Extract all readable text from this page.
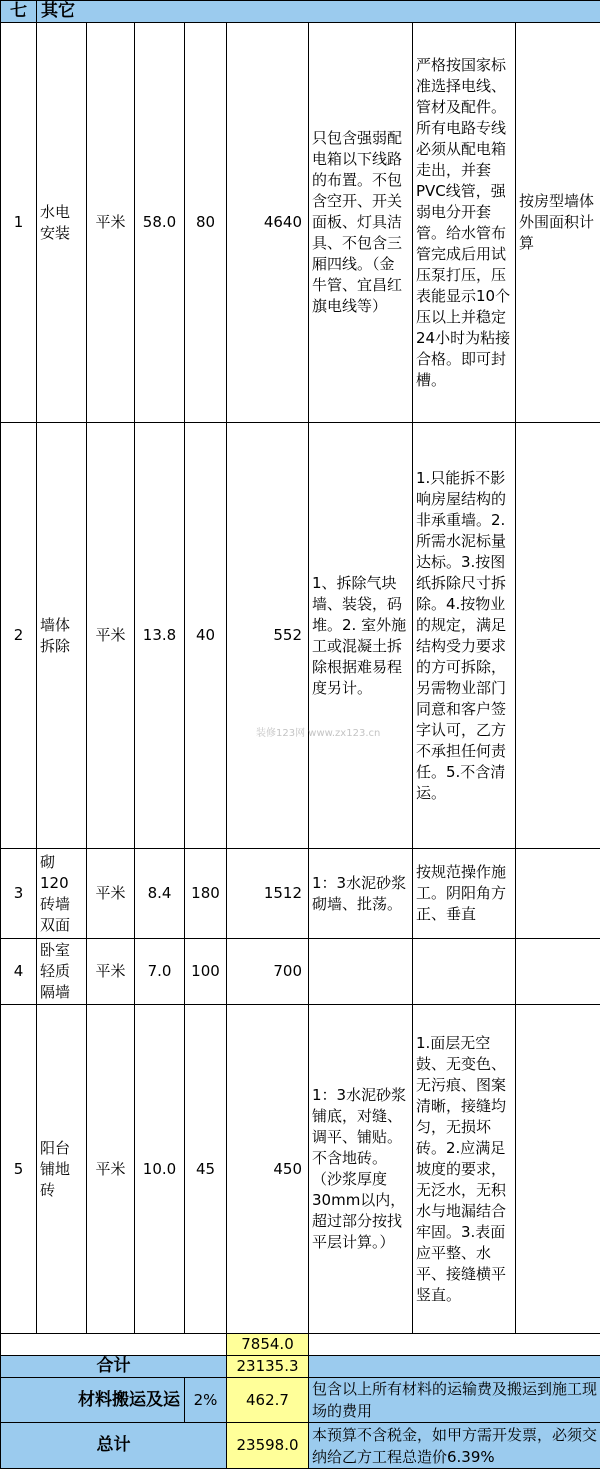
七	其它							
1	水电安装	平米	58.0	80	4640	只包含强弱配电箱以下线路的布置。不包含空开、开关面板、灯具洁具、不包含三厢四线。（金牛管、宜昌红旗电线等）	严格按国家标准选择电线、管材及配件。所有电路专线必须从配电箱走出，并套PVC线管，强弱电分开套管。给水管布管完成后用试压泵打压，压表能显示10个压以上并稳定24小时为粘接合格。即可封槽。	按房型墙体外围面积计算
2	墙体拆除	平米	13.8	40	552	1、拆除气块墙、装袋，码堆。2. 室外施工或混凝土拆除根据难易程度另计。	1.只能拆不影响房屋结构的非承重墙。2.所需水泥标量达标。3.按图纸拆除尺寸拆除。4.按物业的规定，满足结构受力要求的方可拆除，另需物业部门同意和客户签字认可，乙方不承担任何责任。5.不含清运。	
3	砌120砖墙双面	平米	8.4	180	1512	1：3水泥砂浆砌墙、批荡。	按规范操作施工。阴阳角方正、垂直	
4	卧室轻质隔墙	平米	7.0	100	700			
5	阳台铺地砖	平米	10.0	45	450	1：3水泥砂浆铺底，对缝、调平、铺贴。不含地砖。（沙浆厚度30mm以内，超过部分按找平层计算。）	1.面层无空鼓、无变色、无污痕、图案清晰，接缝均匀，无损坏砖。2.应满足坡度的要求，无泛水，无积水与地漏结合牢固。3.表面应平整、水平、接缝横平竖直。	
					7854.0			
合计					23135.3			
材料搬运及运				2%	462.7	包含以上所有材料的运输费及搬运到施工现场的费用		
总计					23598.0	本预算不含税金，如甲方需开发票，必须交纳给乙方工程总造价6.39%		
装修123网 www.zx123.cn
